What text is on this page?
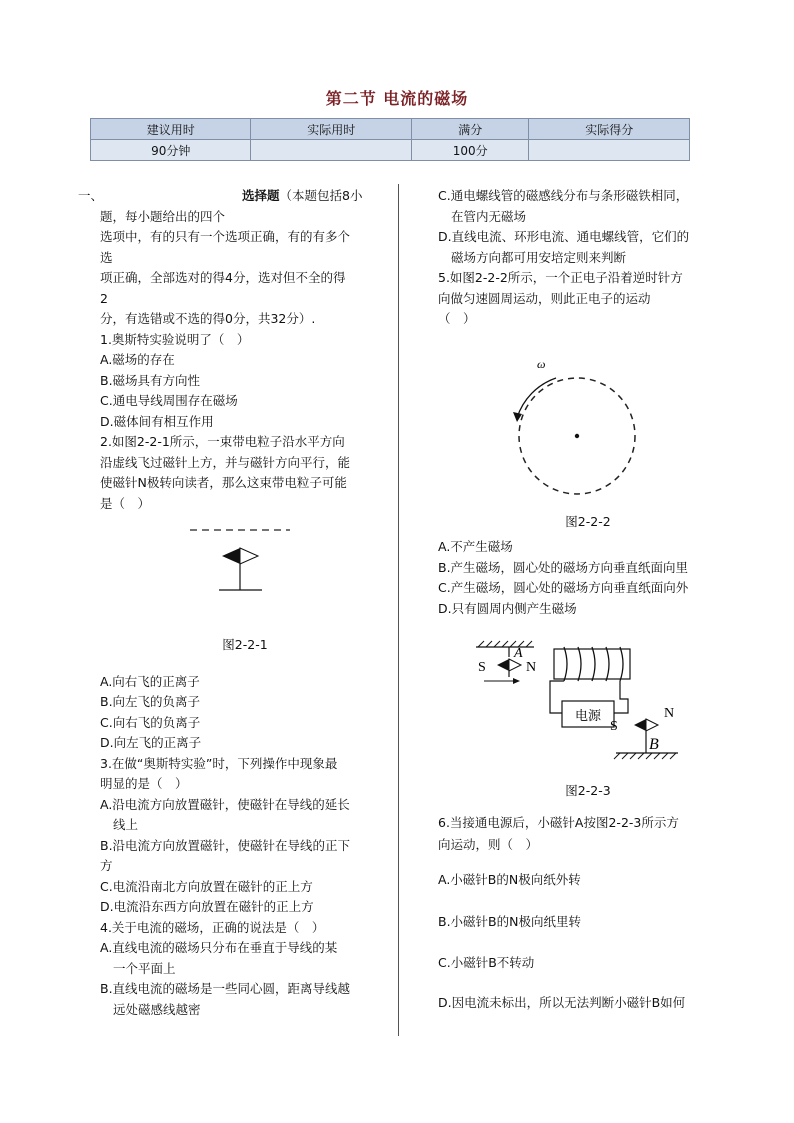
第二节 电流的磁场
建议用时	实际用时	满分	实际得分
90分钟		100分	
一、	选择题（本题包括8小
题，每小题给出的四个
选项中，有的只有一个选项正确，有的有多个
选
项正确，全部选对的得4分，选对但不全的得
2
分，有选错或不选的得0分，共32分）.
1.奥斯特实验说明了（　）
A.磁场的存在
B.磁场具有方向性
C.通电导线周围存在磁场
D.磁体间有相互作用
2.如图2-2-1所示，一束带电粒子沿水平方向
沿虚线飞过磁针上方，并与磁针方向平行，能
使磁针N极转向读者，那么这束带电粒子可能
是（　）
图2-2-1
A.向右飞的正离子
B.向左飞的负离子
C.向右飞的负离子
D.向左飞的正离子
3.在做“奥斯特实验”时，下列操作中现象最
明显的是（　）
A.沿电流方向放置磁针，使磁针在导线的延长
线上
B.沿电流方向放置磁针，使磁针在导线的正下
方
C.电流沿南北方向放置在磁针的正上方
D.电流沿东西方向放置在磁针的正上方
4.关于电流的磁场，正确的说法是（　）
A.直线电流的磁场只分布在垂直于导线的某
一个平面上
B.直线电流的磁场是一些同心圆，距离导线越
远处磁感线越密
C.通电螺线管的磁感线分布与条形磁铁相同，
在管内无磁场
D.直线电流、环形电流、通电螺线管，它们的
磁场方向都可用安培定则来判断
5.如图2-2-2所示，一个正电子沿着逆时针方
向做匀速圆周运动，则此正电子的运动
（　）
ω
图2-2-2
A.不产生磁场
B.产生磁场，圆心处的磁场方向垂直纸面向里
C.产生磁场，圆心处的磁场方向垂直纸面向外
D.只有圆周内侧产生磁场
S
A
N
电源
S
N
B
图2-2-3
6.当接通电源后，小磁针A按图2-2-3所示方
向运动，则（　）
A.小磁针B的N极向纸外转
B.小磁针B的N极向纸里转
C.小磁针B不转动
D.因电流未标出，所以无法判断小磁针B如何
